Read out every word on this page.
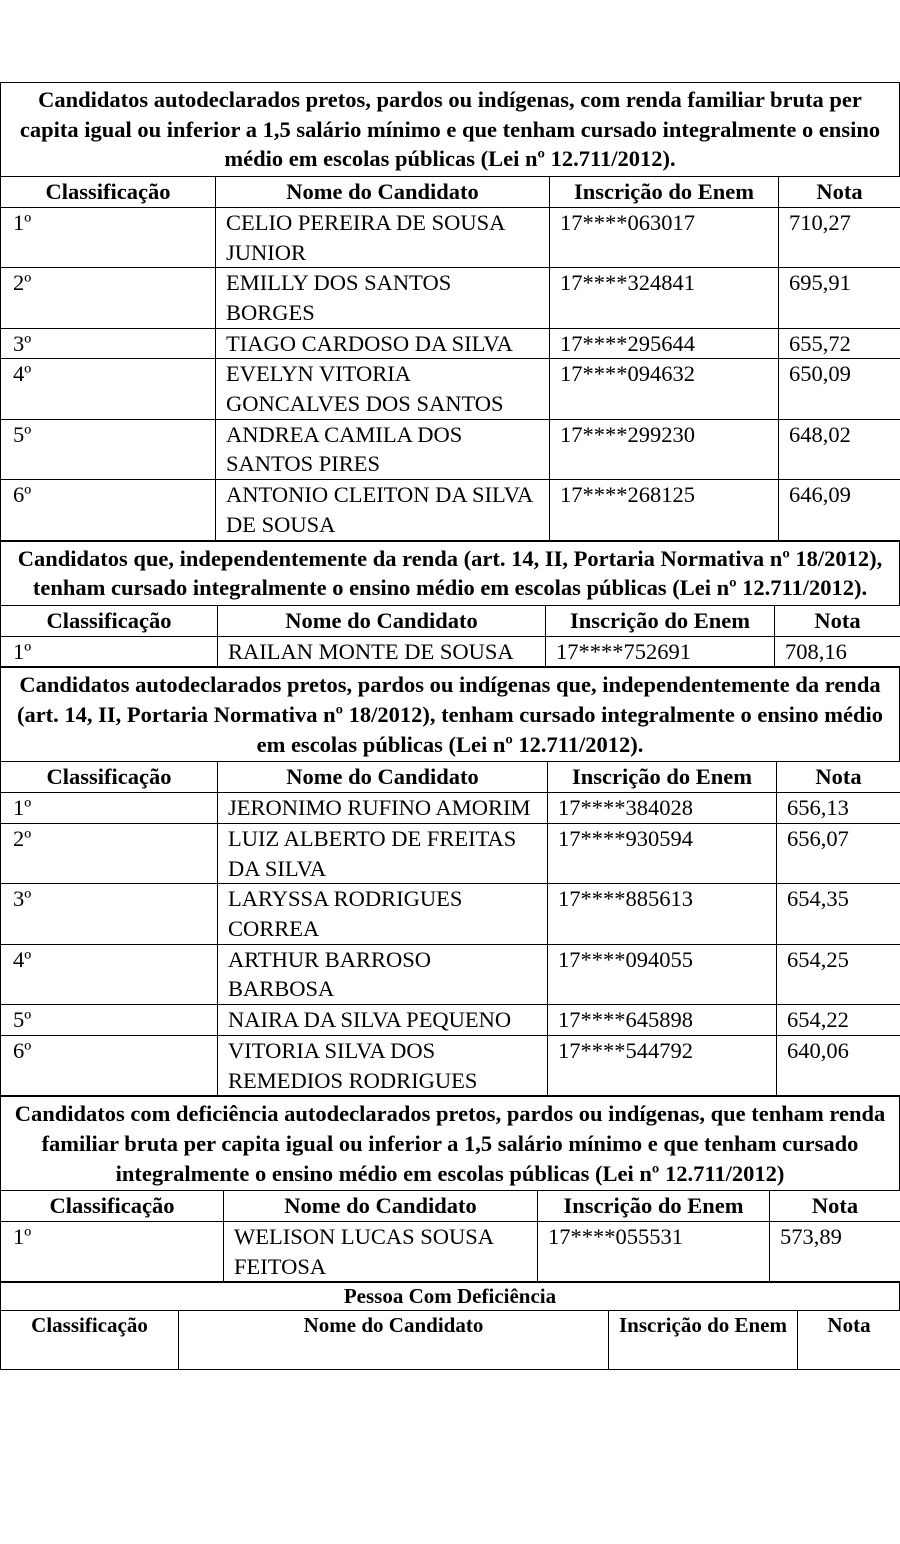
Candidatos autodeclarados pretos, pardos ou indígenas, com renda familiar bruta per capita igual ou inferior a 1,5 salário mínimo e que tenham cursado integralmente o ensino médio em escolas públicas (Lei nº 12.711/2012).
Classificação	Nome do Candidato	Inscrição do Enem	Nota
1º	CELIO PEREIRA DE SOUSA JUNIOR	17****063017	710,27
2º	EMILLY DOS SANTOS BORGES	17****324841	695,91
3º	TIAGO CARDOSO DA SILVA	17****295644	655,72
4º	EVELYN VITORIA GONCALVES DOS SANTOS	17****094632	650,09
5º	ANDREA CAMILA DOS SANTOS PIRES	17****299230	648,02
6º	ANTONIO CLEITON DA SILVA DE SOUSA	17****268125	646,09
Candidatos que, independentemente da renda (art. 14, II, Portaria Normativa nº 18/2012), tenham cursado integralmente o ensino médio em escolas públicas (Lei nº 12.711/2012).
Classificação	Nome do Candidato	Inscrição do Enem	Nota
1º	RAILAN MONTE DE SOUSA	17****752691	708,16
Candidatos autodeclarados pretos, pardos ou indígenas que, independentemente da renda (art. 14, II, Portaria Normativa nº 18/2012), tenham cursado integralmente o ensino médio em escolas públicas (Lei nº 12.711/2012).
Classificação	Nome do Candidato	Inscrição do Enem	Nota
1º	JERONIMO RUFINO AMORIM	17****384028	656,13
2º	LUIZ ALBERTO DE FREITAS DA SILVA	17****930594	656,07
3º	LARYSSA RODRIGUES CORREA	17****885613	654,35
4º	ARTHUR BARROSO BARBOSA	17****094055	654,25
5º	NAIRA DA SILVA PEQUENO	17****645898	654,22
6º	VITORIA SILVA DOS REMEDIOS RODRIGUES	17****544792	640,06
Candidatos com deficiência autodeclarados pretos, pardos ou indígenas, que tenham renda familiar bruta per capita igual ou inferior a 1,5 salário mínimo e que tenham cursado integralmente o ensino médio em escolas públicas (Lei nº 12.711/2012)
Classificação	Nome do Candidato	Inscrição do Enem	Nota
1º	WELISON LUCAS SOUSA FEITOSA	17****055531	573,89
Pessoa Com Deficiência
Classificação	Nome do Candidato	Inscrição do Enem	Nota
